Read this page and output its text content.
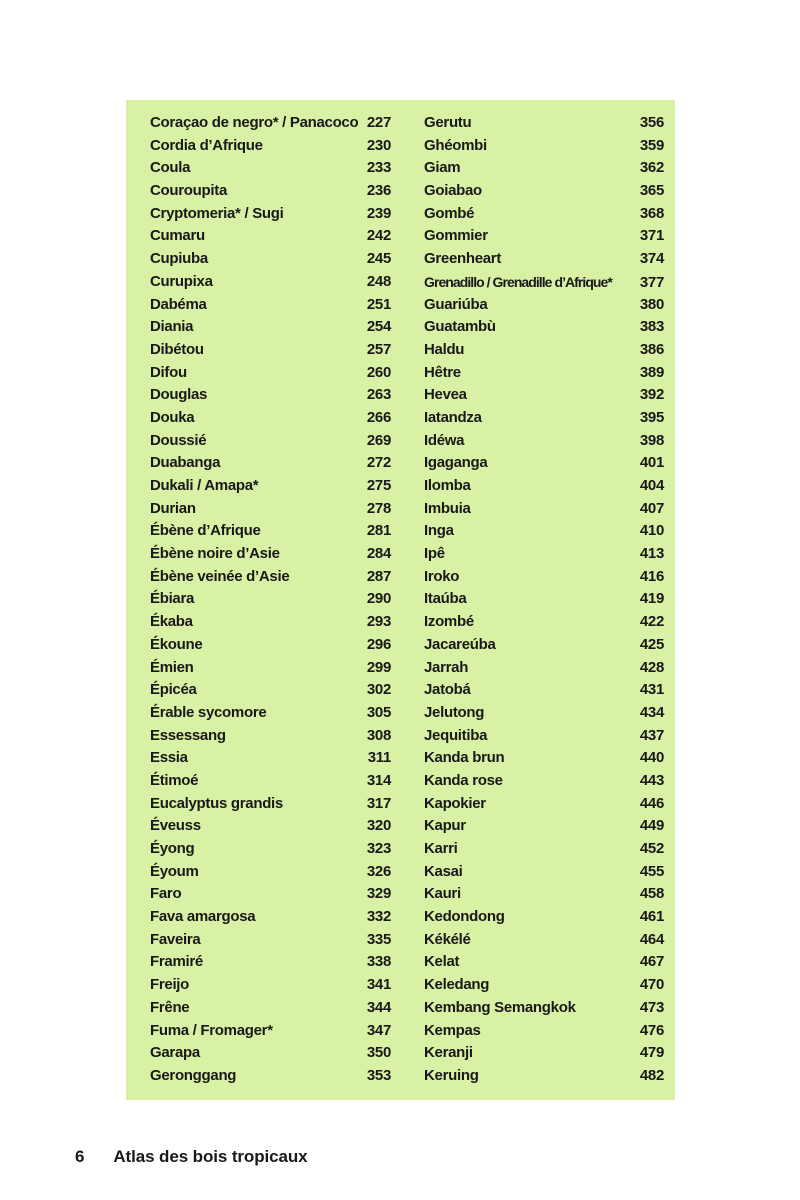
Coraçao de negro* / Panacoco 227
Cordia d’Afrique	230
Coula	233
Couroupita	236
Cryptomeria* / Sugi	239
Cumaru	242
Cupiuba	245
Curupixa	248
Dabéma	251
Diania	254
Dibétou	257
Difou	260
Douglas	263
Douka	266
Doussié	269
Duabanga	272
Dukali / Amapa*	275
Durian	278
Ébène d’Afrique	281
Ébène noire d’Asie	284
Ébène veinée d’Asie	287
Ébiara	290
Ékaba	293
Ékoune	296
Émien	299
Épicéa	302
Érable sycomore	305
Essessang	308
Essia	311
Étimoé	314
Eucalyptus grandis	317
Éveuss	320
Éyong	323
Éyoum	326
Faro	329
Fava amargosa	332
Faveira	335
Framiré	338
Freijo	341
Frêne	344
Fuma / Fromager*	347
Garapa	350
Geronggang	353
Gerutu	356
Ghéombi	359
Giam	362
Goiabao	365
Gombé	368
Gommier	371
Greenheart	374
Grenadillo / Grenadille d’Afrique* 377
Guariúba	380
Guatambù	383
Haldu	386
Hêtre	389
Hevea	392
Iatandza	395
Idéwa	398
Igaganga	401
Ilomba	404
Imbuia	407
Inga	410
Ipê	413
Iroko	416
Itaúba	419
Izombé	422
Jacareúba	425
Jarrah	428
Jatobá	431
Jelutong	434
Jequitiba	437
Kanda brun	440
Kanda rose	443
Kapokier	446
Kapur	449
Karri	452
Kasai	455
Kauri	458
Kedondong	461
Kékélé	464
Kelat	467
Keledang	470
Kembang Semangkok	473
Kempas	476
Keranji	479
Keruing	482
6 Atlas des bois tropicaux
